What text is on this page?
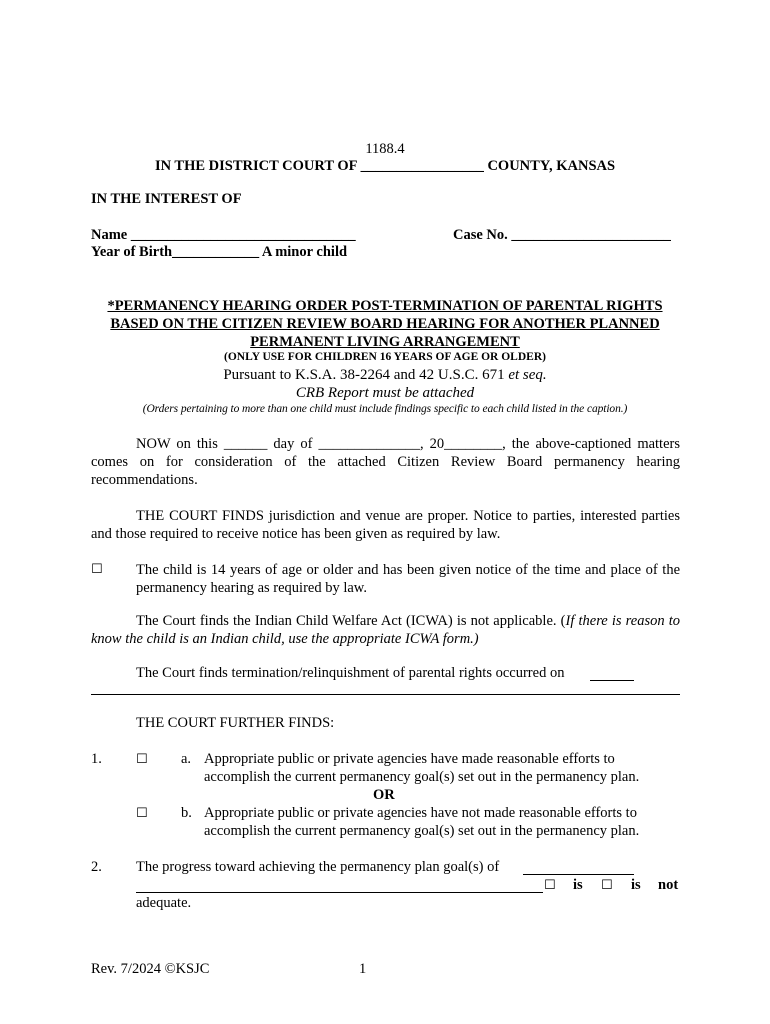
1188.4
IN THE DISTRICT COURT OF _________________ COUNTY, KANSAS
IN THE INTEREST OF
Name _______________________________	Case No. ______________________
Year of Birth____________ A minor child
*PERMANENCY HEARING ORDER POST-TERMINATION OF PARENTAL RIGHTS
BASED ON THE CITIZEN REVIEW BOARD HEARING FOR ANOTHER PLANNED
PERMANENT LIVING ARRANGEMENT
(ONLY USE FOR CHILDREN 16 YEARS OF AGE OR OLDER)
Pursuant to K.S.A. 38-2264 and 42 U.S.C. 671 et seq.
CRB Report must be attached
(Orders pertaining to more than one child must include findings specific to each child listed in the caption.)
NOW on this ______ day of ______________, 20________, the above-captioned matters comes on for consideration of the attached Citizen Review Board permanency hearing recommendations.
THE COURT FINDS jurisdiction and venue are proper. Notice to parties, interested parties and those required to receive notice has been given as required by law.
☐ The child is 14 years of age or older and has been given notice of the time and place of the permanency hearing as required by law.
The Court finds the Indian Child Welfare Act (ICWA) is not applicable. (If there is reason to know the child is an Indian child, use the appropriate ICWA form.)
The Court finds termination/relinquishment of parental rights occurred on
THE COURT FURTHER FINDS:
1.	☐ a. Appropriate public or private agencies have made reasonable efforts to
accomplish the current permanency goal(s) set out in the permanency plan.
OR
☐ b. Appropriate public or private agencies have not made reasonable efforts to
accomplish the current permanency goal(s) set out in the permanency plan.
2. The progress toward achieving the permanency plan goal(s) of
☐ is ☐ is not
adequate.
Rev. 7/2024 ©KSJC	1
